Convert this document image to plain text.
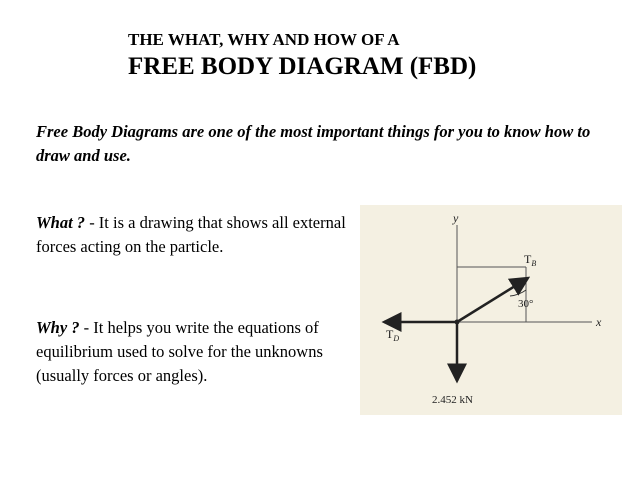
THE WHAT, WHY AND HOW OF A
FREE BODY DIAGRAM (FBD)

Free Body Diagrams are one of the most important things for you to know how to draw and use.

What ? - It is a drawing that shows all external forces acting on the particle.

Why ? - It helps you write the equations of equilibrium used to solve for the unknowns (usually forces or angles).

y
x
30°
$T_B$
$T_D$
2.452 kN
